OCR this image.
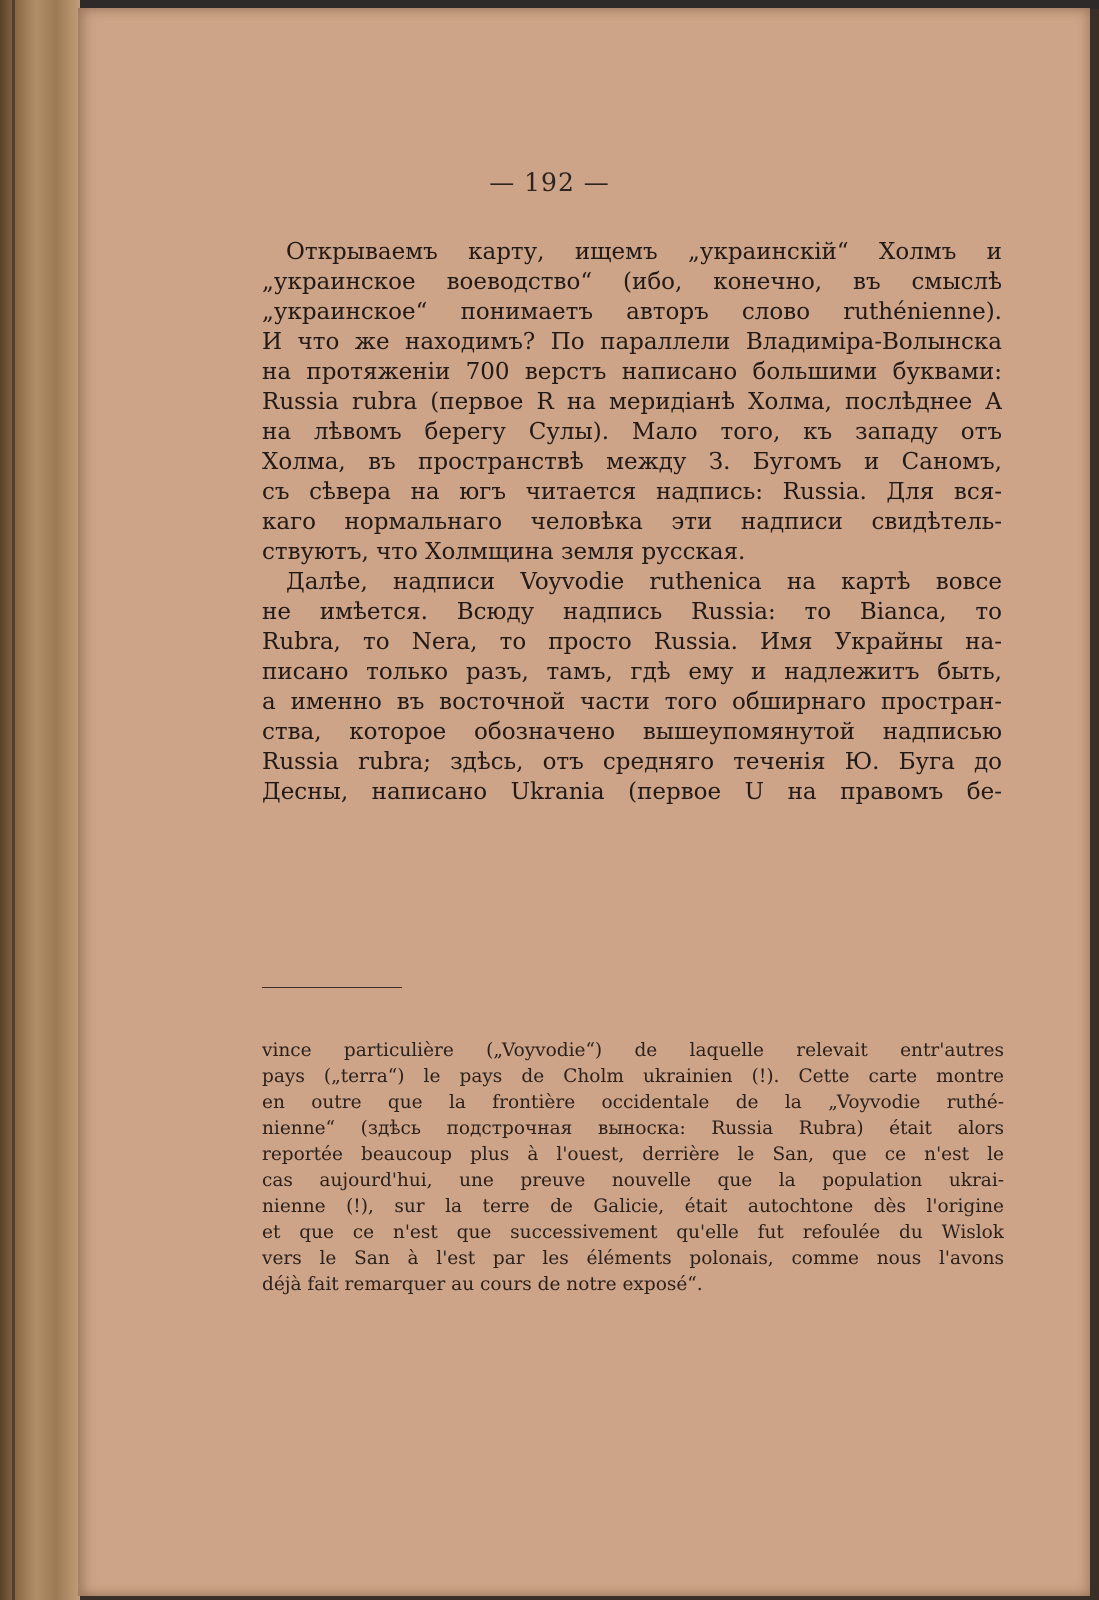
— 192 —
Открываемъ карту, ищемъ „украинскій“ Холмъ и
„украинское воеводство“ (ибо, конечно, въ смыслѣ
„украинское“ понимаетъ авторъ слово ruthénienne).
И что же находимъ? По параллели Владиміра-Волынска
на протяженіи 700 верстъ написано большими буквами:
Russia rubra (первое R на меридіанѣ Холма, послѣднее A
на лѣвомъ берегу Сулы). Мало того, къ западу отъ
Холма, въ пространствѣ между З. Бугомъ и Саномъ,
съ сѣвера на югъ читается надпись: Russia. Для вся-
каго нормальнаго человѣка эти надписи свидѣтель-
ствуютъ, что Холмщина земля русская.
Далѣе, надписи Voyvodie ruthenica на картѣ вовсе
не имѣется. Всюду надпись Russia: то Bianca, то
Rubra, то Nera, то просто Russia. Имя Украйны на-
писано только разъ, тамъ, гдѣ ему и надлежитъ быть,
а именно въ восточной части того обширнаго простран-
ства, которое обозначено вышеупомянутой надписью
Russia rubra; здѣсь, отъ средняго теченія Ю. Буга до
Десны, написано Ukrania (первое U на правомъ бе-
vince particulière („Voyvodie“) de laquelle relevait entr'autres
pays („terra“) le pays de Cholm ukrainien (!). Cette carte montre
en outre que la frontière occidentale de la „Voyvodie ruthé-
nienne“ (здѣсь подстрочная выноска: Russia Rubra) était alors
reportée beaucoup plus à l'ouest, derrière le San, que ce n'est le
cas aujourd'hui, une preuve nouvelle que la population ukrai-
nienne (!), sur la terre de Galicie, était autochtone dès l'origine
et que ce n'est que successivement qu'elle fut refoulée du Wislok
vers le San à l'est par les éléments polonais, comme nous l'avons
déjà fait remarquer au cours de notre exposé“.
